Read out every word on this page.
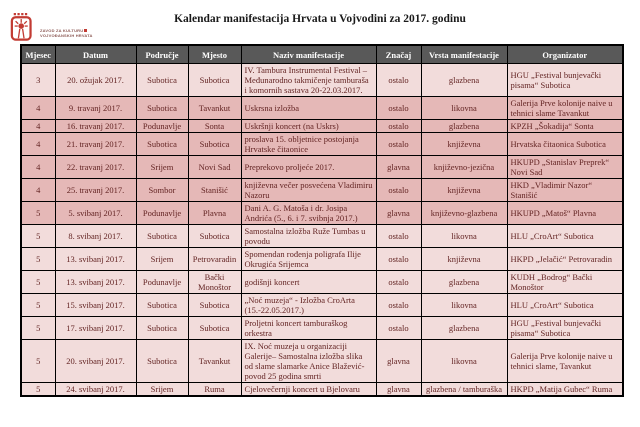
ZAVOD ZA KULTURU
VOJVOĐANSKIH HRVATA
Kalendar manifestacija Hrvata u Vojvodini za 2017. godinu
Mjesec	Datum	Područje	Mjesto	Naziv manifestacije	Značaj	Vrsta manifestacije	Organizator
3	20. ožujak 2017.	Subotica	Subotica	IV. Tambura Instrumental Festival – Međunarodno takmičenje tamburaša i komornih sastava 20-22.03.2017.	ostalo	glazbena	HGU „Festival bunjevački pisama“ Subotica
4	9. travanj 2017.	Subotica	Tavankut	Uskrsna izložba	ostalo	likovna	Galerija Prve kolonije naive u tehnici slame Tavankut
4	16. travanj 2017.	Podunavlje	Sonta	Uskršnji koncert (na Uskrs)	ostalo	glazbena	KPZH „Šokadija“ Sonta
4	21. travanj 2017.	Subotica	Subotica	proslava 15. obljetnice postojanja Hrvatske čitaonice	ostalo	književna	Hrvatska čitaonica Subotica
4	22. travanj 2017.	Srijem	Novi Sad	Preprekovo proljeće 2017.	glavna	književno-jezična	HKUPD „Stanislav Preprek“ Novi Sad
4	25. travanj 2017.	Sombor	Stanišić	književna večer posvećena Vladimiru Nazoru	ostalo	književna	HKD „Vladimir Nazor“ Stanišić
5	5. svibanj 2017.	Podunavlje	Plavna	Dani A. G. Matoša i dr. Josipa Andrića (5., 6. i 7. svibnja 2017.)	glavna	književno-glazbena	HKUPD „Matoš“ Plavna
5	8. svibanj 2017.	Subotica	Subotica	Samostalna izložba Ruže Tumbas u povodu	ostalo	likovna	HLU „CroArt“ Subotica
5	13. svibanj 2017.	Srijem	Petrovaradin	Spomendan rođenja poligrafa Ilije Okrugića Srijemca	ostalo	književna	HKPD „Jelačić“ Petrovaradin
5	13. svibanj 2017.	Podunavlje	Bački Monoštor	godišnji koncert	ostalo	glazbena	KUDH „Bodrog“ Bački Monoštor
5	15. svibanj 2017.	Subotica	Subotica	„Noć muzeja“ - Izložba CroArta (15.-22.05.2017.)	ostalo	likovna	HLU „CroArt“ Subotica
5	17. svibanj 2017.	Subotica	Subotica	Proljetni koncert tamburaškog orkestra	ostalo	glazbena	HGU „Festival bunjevački pisama“ Subotica
5	20. svibanj 2017.	Subotica	Tavankut	IX. Noć muzeja u organizaciji Galerije– Samostalna izložba slika od slame slamarke Anice Blažević- povod 25 godina smrti	glavna	likovna	Galerija Prve kolonije naive u tehnici slame, Tavankut
5	24. svibanj 2017.	Srijem	Ruma	Cjelovečernji koncert u Bjelovaru	glavna	glazbena / tamburaška	HKPD „Matija Gubec“ Ruma
